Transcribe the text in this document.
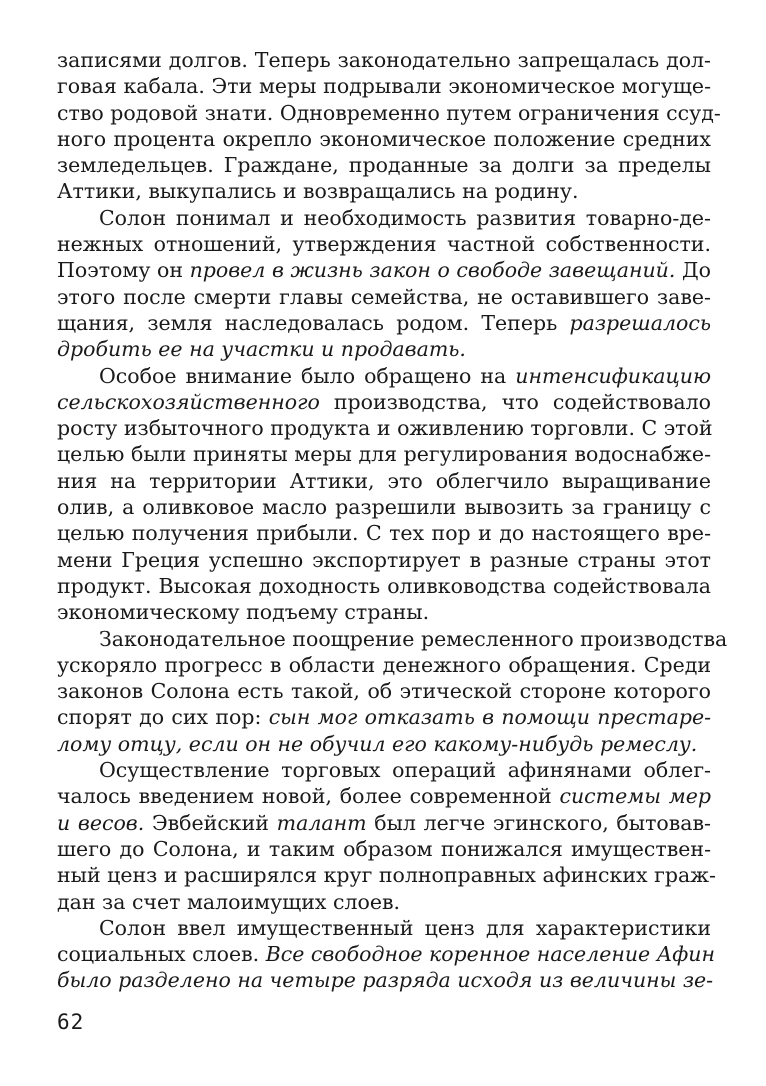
записями долгов. Теперь законодательно запрещалась дол-
говая кабала. Эти меры подрывали экономическое могуще-
ство родовой знати. Одновременно путем ограничения ссуд-
ного процента окрепло экономическое положение средних
земледельцев. Граждане, проданные за долги за пределы
Аттики, выкупались и возвращались на родину.
Солон понимал и необходимость развития товарно-де-
нежных отношений, утверждения частной собственности.
Поэтому он провел в жизнь закон о свободе завещаний. До
этого после смерти главы семейства, не оставившего заве-
щания, земля наследовалась родом. Теперь разрешалось
дробить ее на участки и продавать.
Особое внимание было обращено на интенсификацию
сельскохозяйственного производства, что содействовало
росту избыточного продукта и оживлению торговли. С этой
целью были приняты меры для регулирования водоснабже-
ния на территории Аттики, это облегчило выращивание
олив, а оливковое масло разрешили вывозить за границу с
целью получения прибыли. С тех пор и до настоящего вре-
мени Греция успешно экспортирует в разные страны этот
продукт. Высокая доходность оливководства содействовала
экономическому подъему страны.
Законодательное поощрение ремесленного производства
ускоряло прогресс в области денежного обращения. Среди
законов Солона есть такой, об этической стороне которого
спорят до сих пор: сын мог отказать в помощи престаре-
лому отцу, если он не обучил его какому-нибудь ремеслу.
Осуществление торговых операций афинянами облег-
чалось введением новой, более современной системы мер
и весов. Эвбейский талант был легче эгинского, бытовав-
шего до Солона, и таким образом понижался имуществен-
ный ценз и расширялся круг полноправных афинских граж-
дан за счет малоимущих слоев.
Солон ввел имущественный ценз для характеристики
социальных слоев. Все свободное коренное население Афин
было разделено на четыре разряда исходя из величины зе-
62
